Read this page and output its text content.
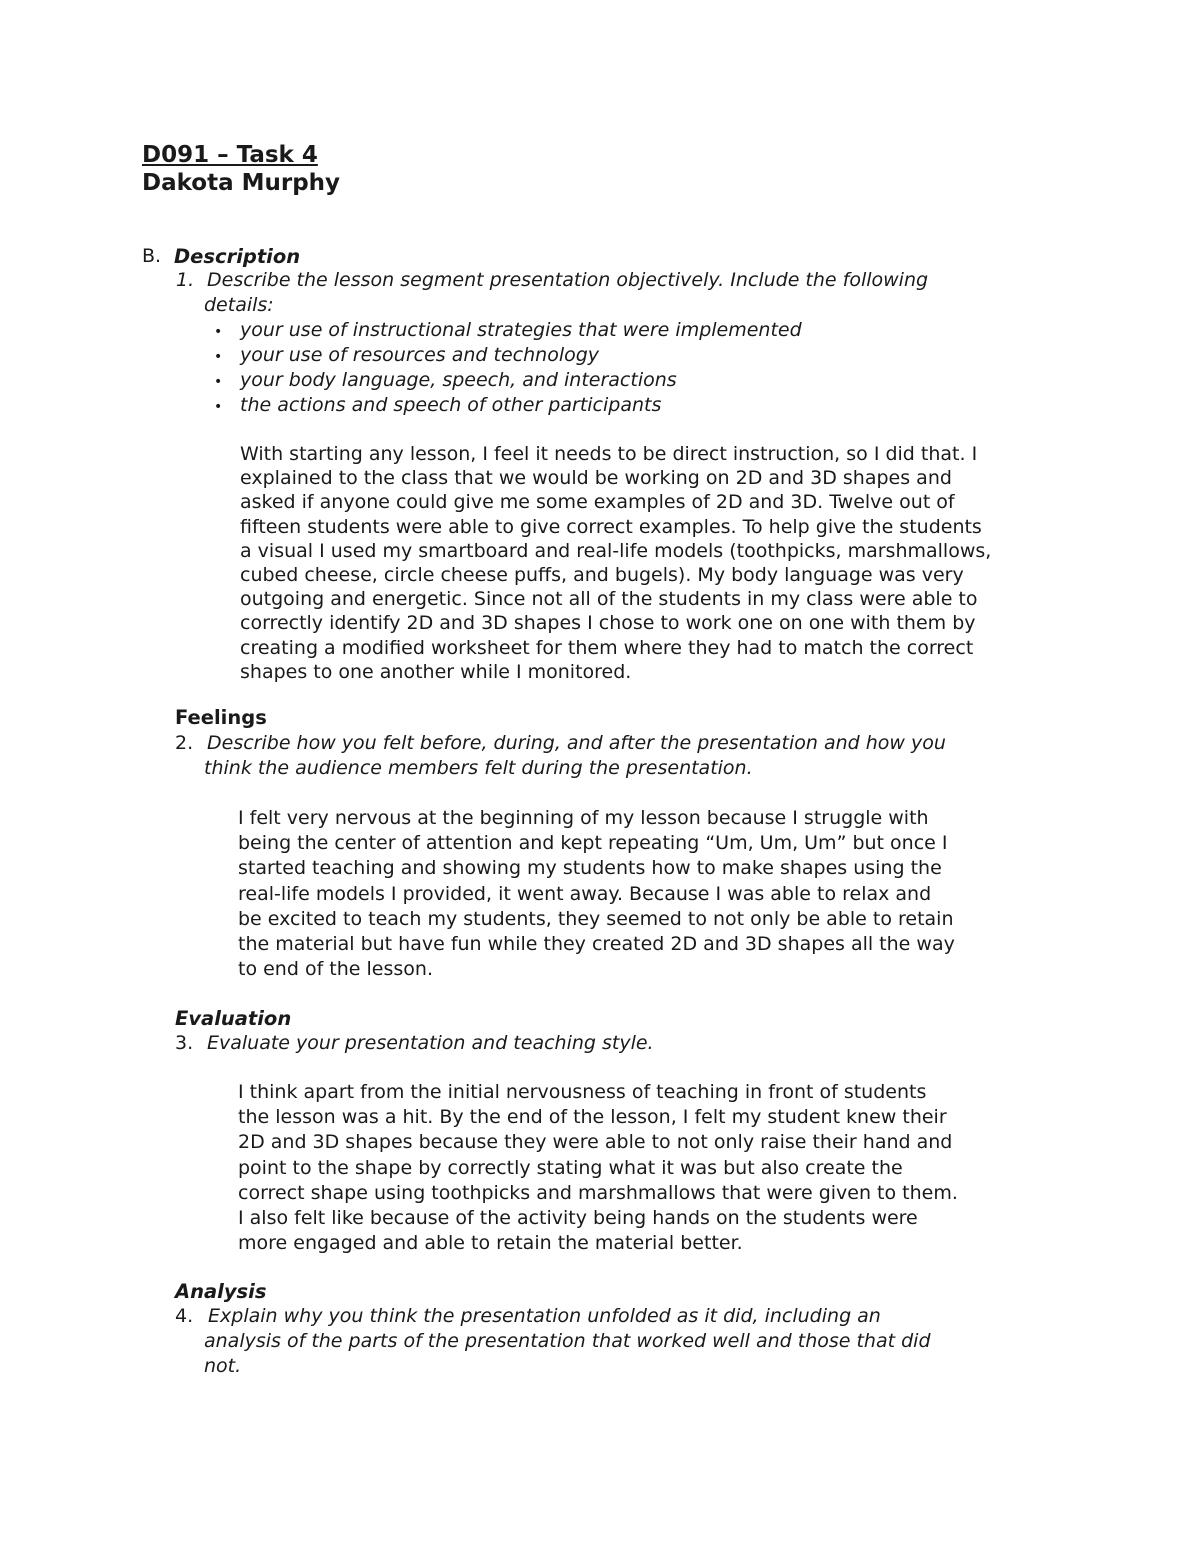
D091 – Task 4
Dakota Murphy
B. Description
1. Describe the lesson segment presentation objectively. Include the following
details:
• your use of instructional strategies that were implemented
• your use of resources and technology
• your body language, speech, and interactions
• the actions and speech of other participants
With starting any lesson, I feel it needs to be direct instruction, so I did that. I
explained to the class that we would be working on 2D and 3D shapes and
asked if anyone could give me some examples of 2D and 3D. Twelve out of
fifteen students were able to give correct examples. To help give the students
a visual I used my smartboard and real-life models (toothpicks, marshmallows,
cubed cheese, circle cheese puffs, and bugels). My body language was very
outgoing and energetic. Since not all of the students in my class were able to
correctly identify 2D and 3D shapes I chose to work one on one with them by
creating a modified worksheet for them where they had to match the correct
shapes to one another while I monitored.
Feelings
2. Describe how you felt before, during, and after the presentation and how you
think the audience members felt during the presentation.
I felt very nervous at the beginning of my lesson because I struggle with
being the center of attention and kept repeating “Um, Um, Um” but once I
started teaching and showing my students how to make shapes using the
real-life models I provided, it went away. Because I was able to relax and
be excited to teach my students, they seemed to not only be able to retain
the material but have fun while they created 2D and 3D shapes all the way
to end of the lesson.
Evaluation
3. Evaluate your presentation and teaching style.
I think apart from the initial nervousness of teaching in front of students
the lesson was a hit. By the end of the lesson, I felt my student knew their
2D and 3D shapes because they were able to not only raise their hand and
point to the shape by correctly stating what it was but also create the
correct shape using toothpicks and marshmallows that were given to them.
I also felt like because of the activity being hands on the students were
more engaged and able to retain the material better.
Analysis
4. Explain why you think the presentation unfolded as it did, including an
analysis of the parts of the presentation that worked well and those that did
not.
